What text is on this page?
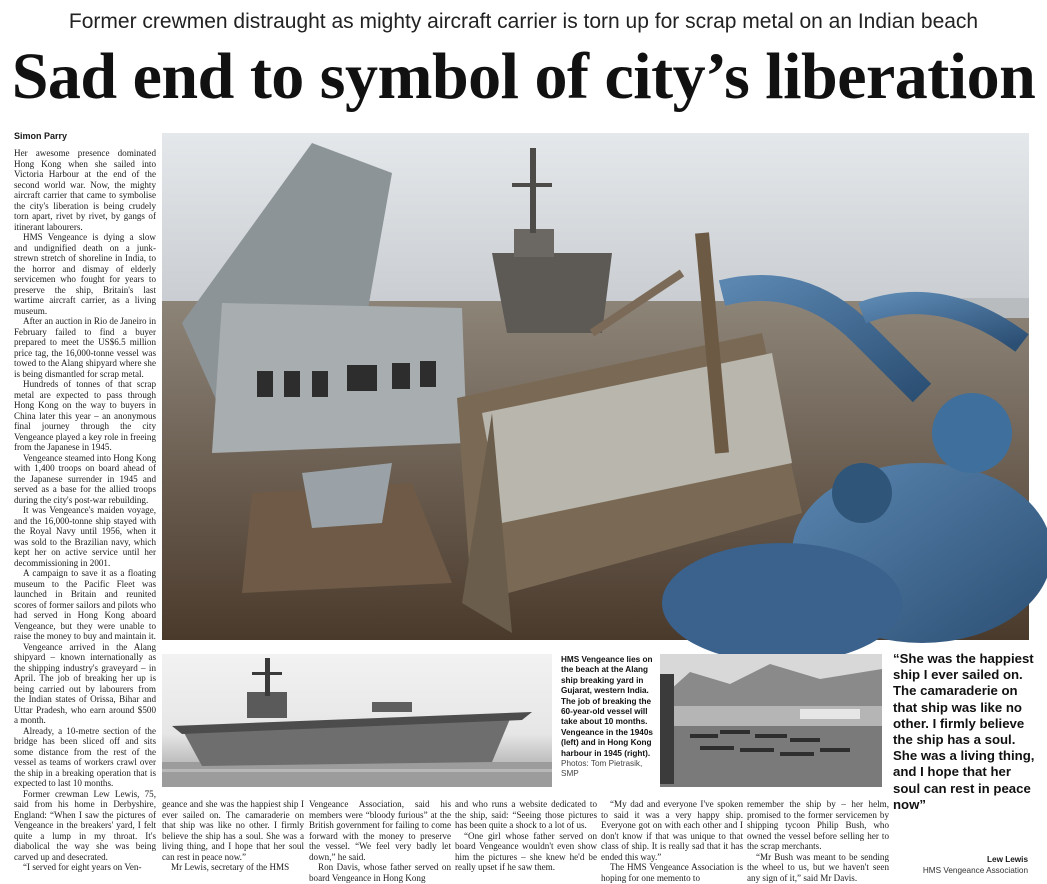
Former crewmen distraught as mighty aircraft carrier is torn up for scrap metal on an Indian beach
Sad end to symbol of city’s liberation
Simon Parry

Her awesome presence dominated Hong Kong when she sailed into Victoria Harbour at the end of the second world war. Now, the mighty aircraft carrier that came to symbolise the city's liberation is being crudely torn apart, rivet by rivet, by gangs of itinerant labourers.

HMS Vengeance is dying a slow and undignified death on a junk-strewn stretch of shoreline in India, to the horror and dismay of elderly servicemen who fought for years to preserve the ship, Britain's last wartime aircraft carrier, as a living museum.

After an auction in Rio de Janeiro in February failed to find a buyer prepared to meet the US$6.5 million price tag, the 16,000-tonne vessel was towed to the Alang shipyard where she is being dismantled for scrap metal.

Hundreds of tonnes of that scrap metal are expected to pass through Hong Kong on the way to buyers in China later this year – an anonymous final journey through the city Vengeance played a key role in freeing from the Japanese in 1945.

Vengeance steamed into Hong Kong with 1,400 troops on board ahead of the Japanese surrender in 1945 and served as a base for the allied troops during the city's post-war rebuilding.

It was Vengeance's maiden voyage, and the 16,000-tonne ship stayed with the Royal Navy until 1956, when it was sold to the Brazilian navy, which kept her on active service until her decommissioning in 2001.

A campaign to save it as a floating museum to the Pacific Fleet was launched in Britain and reunited scores of former sailors and pilots who had served in Hong Kong aboard Vengeance, but they were unable to raise the money to buy and maintain it.

Vengeance arrived in the Alang shipyard – known internationally as the shipping industry's graveyard – in April. The job of breaking her up is being carried out by labourers from the Indian states of Orissa, Bihar and Uttar Pradesh, who earn around $500 a month.

Already, a 10-metre section of the bridge has been sliced off and sits some distance from the rest of the vessel as teams of workers crawl over the ship in a breaking operation that is expected to last 10 months.

Former crewman Lew Lewis, 75, said from his home in Derbyshire, England: “When I saw the pictures of Vengeance in the breakers' yard, I felt quite a lump in my throat. It's diabolical the way she was being carved up and desecrated.

“I served for eight years on Ven-

HMS Vengeance lies on the beach at the Alang ship breaking yard in Gujarat, western India. The job of breaking the 60-year-old vessel will take about 10 months. Vengeance in the 1940s (left) and in Hong Kong harbour in 1945 (right).
Photos: Tom Pietrasik, SMP
“She was the happiest ship I ever sailed on. The camaraderie on that ship was like no other. I firmly believe the ship has a soul. She was a living thing, and I hope that her soul can rest in peace now”
Lew Lewis
HMS Vengeance Association

geance and she was the happiest ship I ever sailed on. The camaraderie on that ship was like no other. I firmly believe the ship has a soul. She was a living thing, and I hope that her soul can rest in peace now.”

Mr Lewis, secretary of the HMS

Vengeance Association, said his members were “bloody furious” at the British government for failing to come forward with the money to preserve the vessel. “We feel very badly let down,” he said.

Ron Davis, whose father served on board Vengeance in Hong Kong

and who runs a website dedicated to the ship, said: “Seeing those pictures has been quite a shock to a lot of us.

“One girl whose father served on board Vengeance wouldn't even show him the pictures – she knew he'd be really upset if he saw them.

“My dad and everyone I've spoken to said it was a very happy ship. Everyone got on with each other and I don't know if that was unique to that class of ship. It is really sad that it has ended this way.”

The HMS Vengeance Association is hoping for one memento to

remember the ship by – her helm, promised to the former servicemen by shipping tycoon Philip Bush, who owned the vessel before selling her to the scrap merchants.

“Mr Bush was meant to be sending the wheel to us, but we haven't seen any sign of it,” said Mr Davis.
